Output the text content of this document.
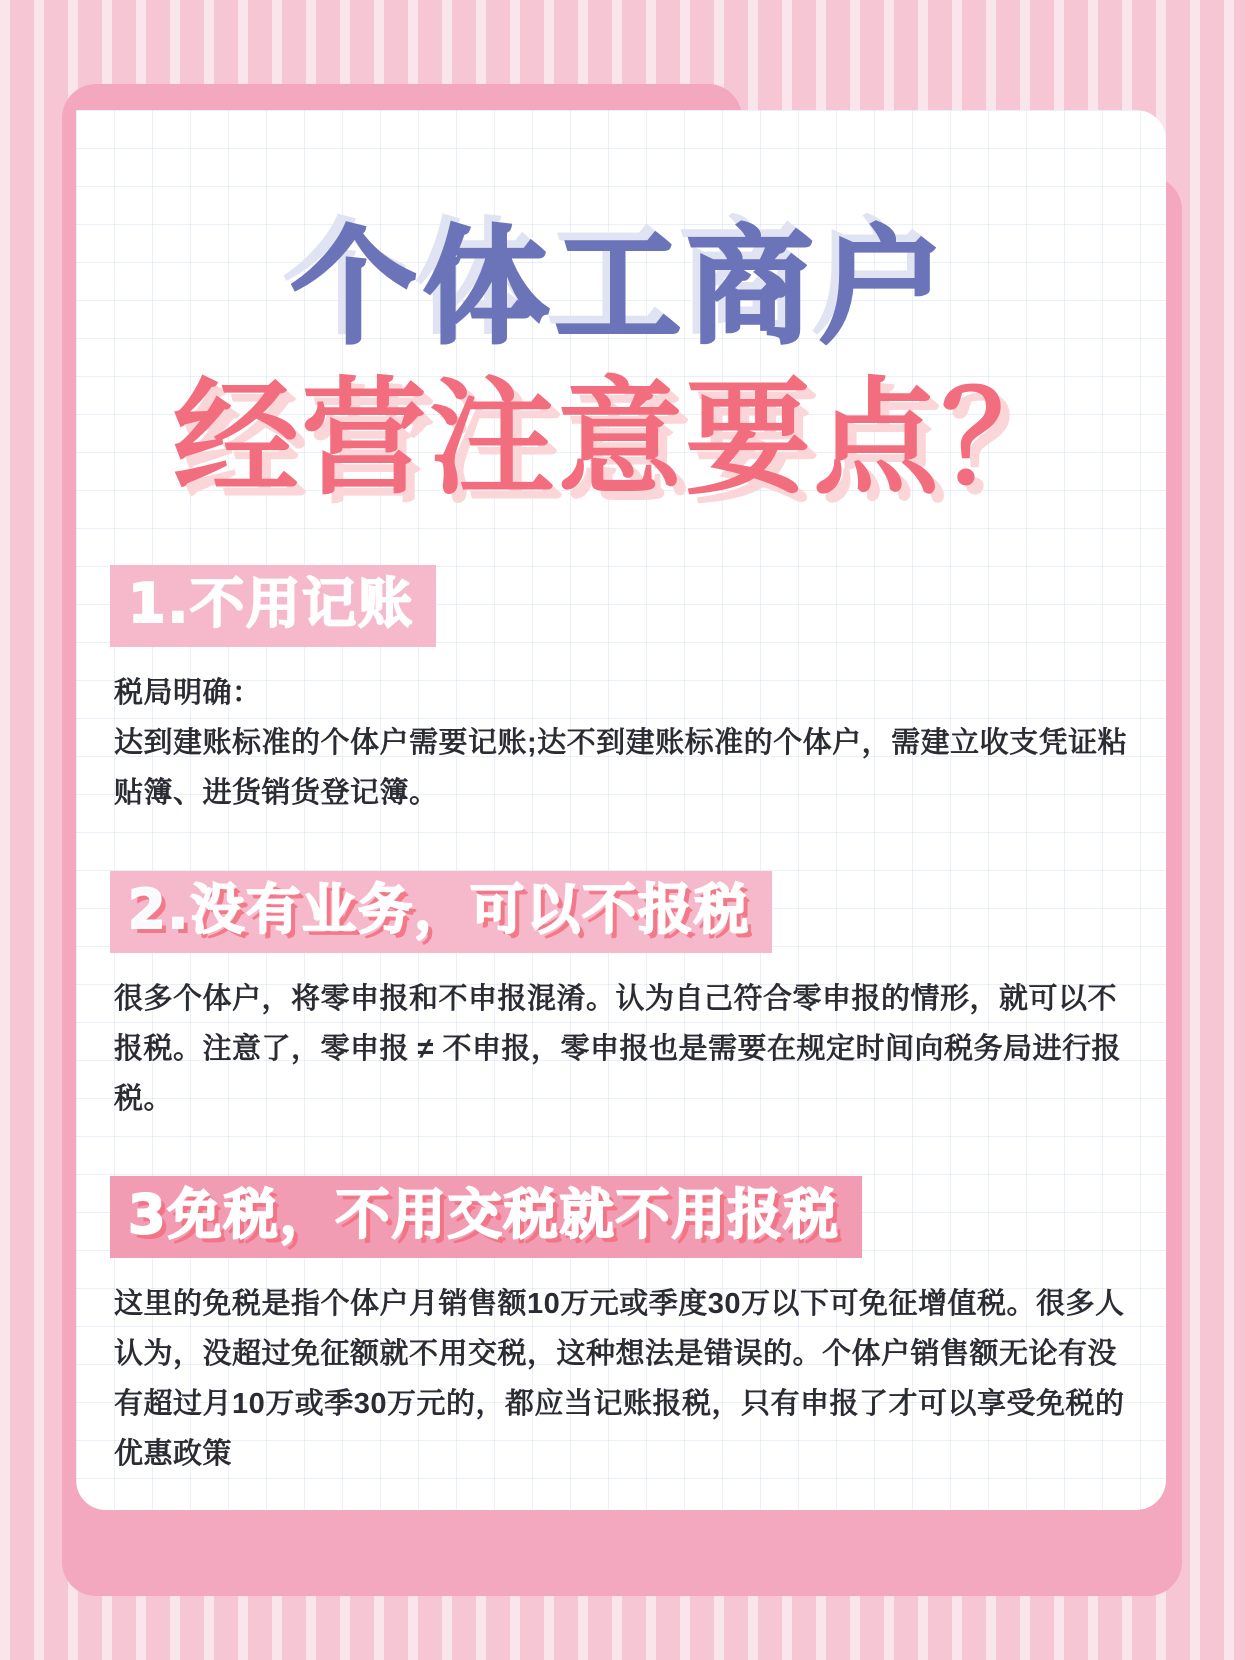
个体工商户
经营注意要点？
1.不用记账
税局明确：
达到建账标准的个体户需要记账;达不到建账标准的个体户，需建立收支凭证粘贴簿、进货销货登记簿。
2.没有业务，可以不报税
很多个体户，将零申报和不申报混淆。认为自己符合零申报的情形，就可以不报税。注意了，零申报 ≠ 不申报，零申报也是需要在规定时间向税务局进行报税。
3免税，不用交税就不用报税
这里的免税是指个体户月销售额10万元或季度30万以下可免征增值税。很多人认为，没超过免征额就不用交税，这种想法是错误的。个体户销售额无论有没有超过月10万或季30万元的，都应当记账报税，只有申报了才可以享受免税的优惠政策
